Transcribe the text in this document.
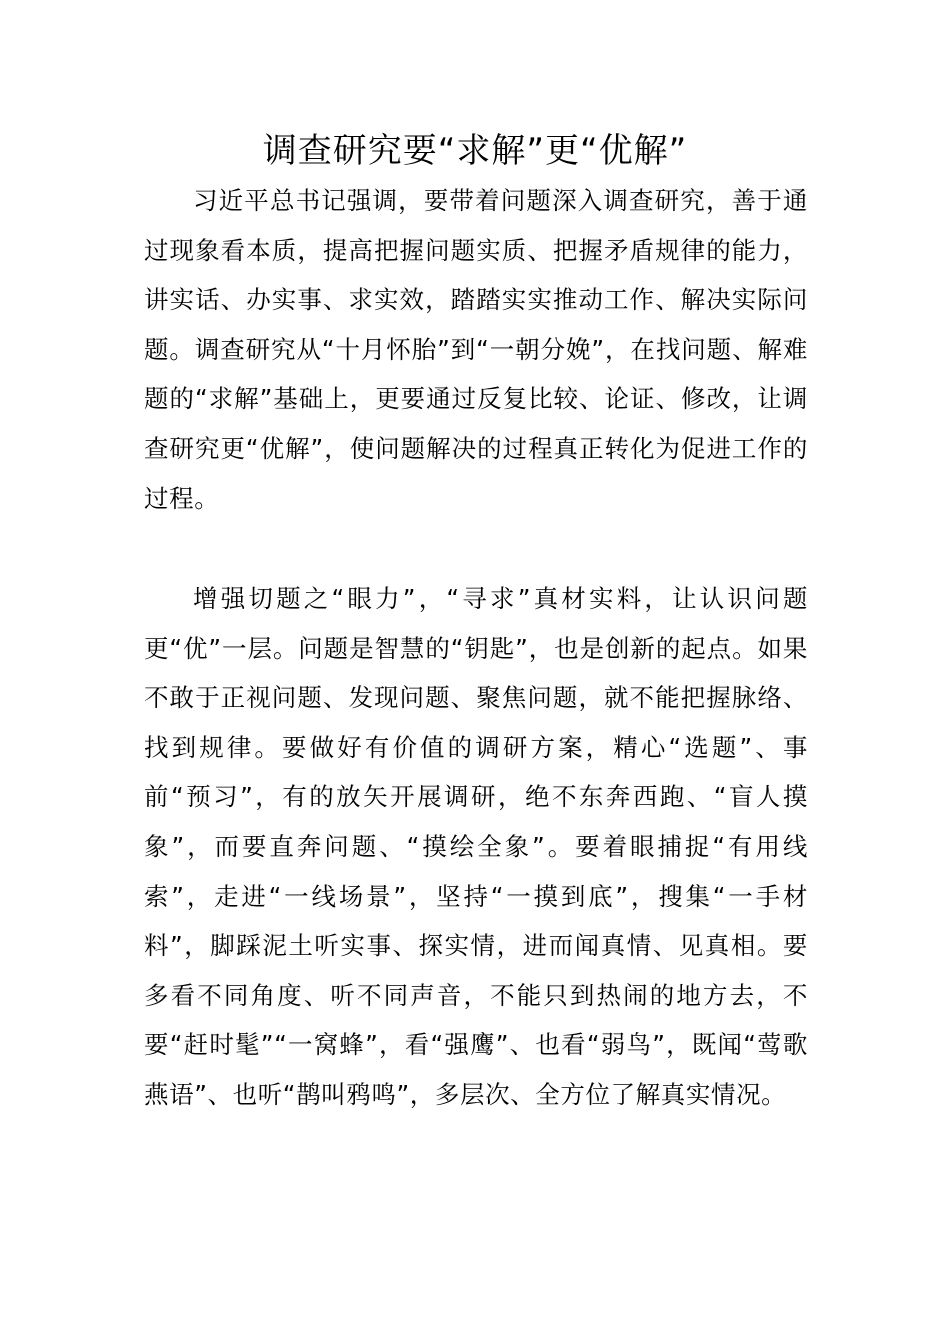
调查研究要“求解”更“优解”

习近平总书记强调，要带着问题深入调查研究，善于通过现象看本质，提高把握问题实质、把握矛盾规律的能力，讲实话、办实事、求实效，踏踏实实推动工作、解决实际问题。调查研究从“十月怀胎”到“一朝分娩”，在找问题、解难题的“求解”基础上，更要通过反复比较、论证、修改，让调查研究更“优解”，使问题解决的过程真正转化为促进工作的过程。

增强切题之“眼力”，“寻求”真材实料，让认识问题更“优”一层。问题是智慧的“钥匙”，也是创新的起点。如果不敢于正视问题、发现问题、聚焦问题，就不能把握脉络、找到规律。要做好有价值的调研方案，精心“选题”、事前“预习”，有的放矢开展调研，绝不东奔西跑、“盲人摸象”，而要直奔问题、“摸绘全象”。要着眼捕捉“有用线索”，走进“一线场景”，坚持“一摸到底”，搜集“一手材料”，脚踩泥土听实事、探实情，进而闻真情、见真相。要多看不同角度、听不同声音，不能只到热闹的地方去，不要“赶时髦”“一窝蜂”，看“强鹰”、也看“弱鸟”，既闻“莺歌燕语”、也听“鹊叫鸦鸣”，多层次、全方位了解真实情况。
